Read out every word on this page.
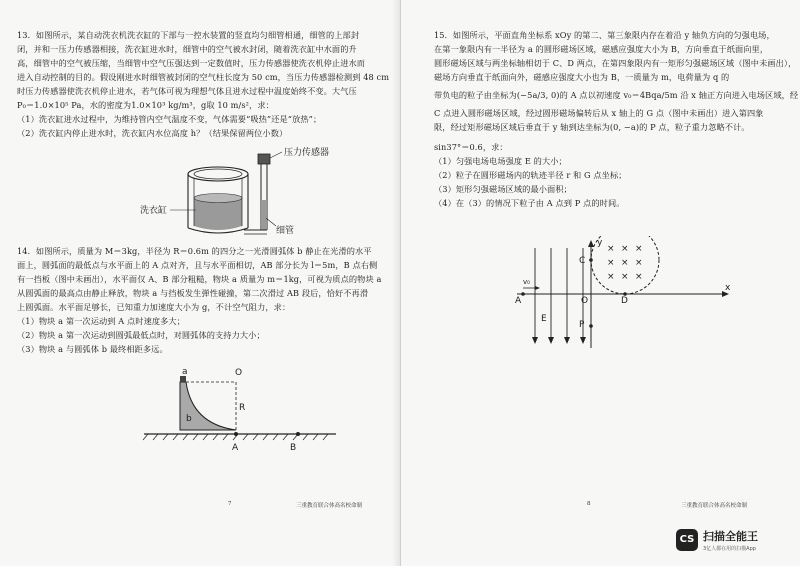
13．如图所示，某自动洗衣机洗衣缸的下部与一控水装置的竖直均匀细管相通，细管的上部封

闭，并和一压力传感器相接，洗衣缸进水时，细管中的空气被水封闭，随着洗衣缸中水面的升

高，细管中的空气被压缩，当细管中空气压强达到一定数值时，压力传感器使洗衣机停止进水而

进入自动控制的目的。假设刚进水时细管被封闭的空气柱长度为 50 cm，当压力传感器检测到 48 cm

时压力传感器使洗衣机停止进水，若气体可视为理想气体且进水过程中温度始终不变。大气压

P₀＝1.0×10⁵ Pa，水的密度为1.0×10³ kg/m³，g取 10 m/s²，求：

（1）洗衣缸进水过程中，为维持管内空气温度不变，气体需要“吸热”还是“放热”；

（2）洗衣缸内停止进水时，洗衣缸内水位高度 h？（结果保留两位小数）

洗衣缸
压力传感器
细管

14．如图所示，质量为 M＝3kg，半径为 R＝0.6m 的四分之一光滑圆弧体 b 静止在光滑的水平

面上，圆弧面的最低点与水平面上的 A 点对齐，且与水平面相切，AB 部分长为 l＝5m，B 点右侧

有一挡板（图中未画出），水平面仅 A、B 部分粗糙，物块 a 质量为 m＝1kg，可视为质点的物块 a

从圆弧面的最高点由静止释放，物块 a 与挡板发生弹性碰撞，第二次滑过 AB 段后，恰好不再滑

上圆弧面。水平面足够长，已知重力加速度大小为 g，不计空气阻力，求：

（1）物块 a 第一次运动到 A 点时速度多大；

（2）物块 a 第一次运动到圆弧最低点时，对圆弧体的支持力大小；

（3）物块 a 与圆弧体 b 最终相距多远。

a
b
O
R
A	B
7	三重教育联合体高名校命制

15．如图所示，平面直角坐标系 xOy 的第二、第三象限内存在着沿 y 轴负方向的匀强电场，

在第一象限内有一半径为 a 的圆形磁场区域，磁感应强度大小为 B，方向垂直于纸面向里，

圆形磁场区域与两坐标轴相切于 C、D 两点，在第四象限内有一矩形匀强磁场区域（图中未画出），

磁场方向垂直于纸面向外，磁感应强度大小也为 B，一质量为 m，电荷量为 q 的

带负电的粒子由坐标为(−5a/3, 0)的 A 点以初速度 v₀＝4Bqa/5m 沿 x 轴正方向进入电场区域，经

C 点进入圆形磁场区域，经过圆形磁场偏转后从 x 轴上的 G 点（图中未画出）进入第四象

限，经过矩形磁场区域后垂直于 y 轴到达坐标为(0, −a)的 P 点，粒子重力忽略不计。

sin37°＝0.6，求：

（1）匀强电场电场强度 E 的大小；

（2）粒子在圆形磁场内的轨迹半径 r 和 G 点坐标；

（3）矩形匀强磁场区域的最小面积；

（4）在（3）的情况下粒子由 A 点到 P 点的时间。

× × ×
× × ×
× × ×
y
x
A
v₀
C
O	D
E
P
8	三重教育联合体高名校命制
CS 扫描全能王
3亿人都在用的扫描App
